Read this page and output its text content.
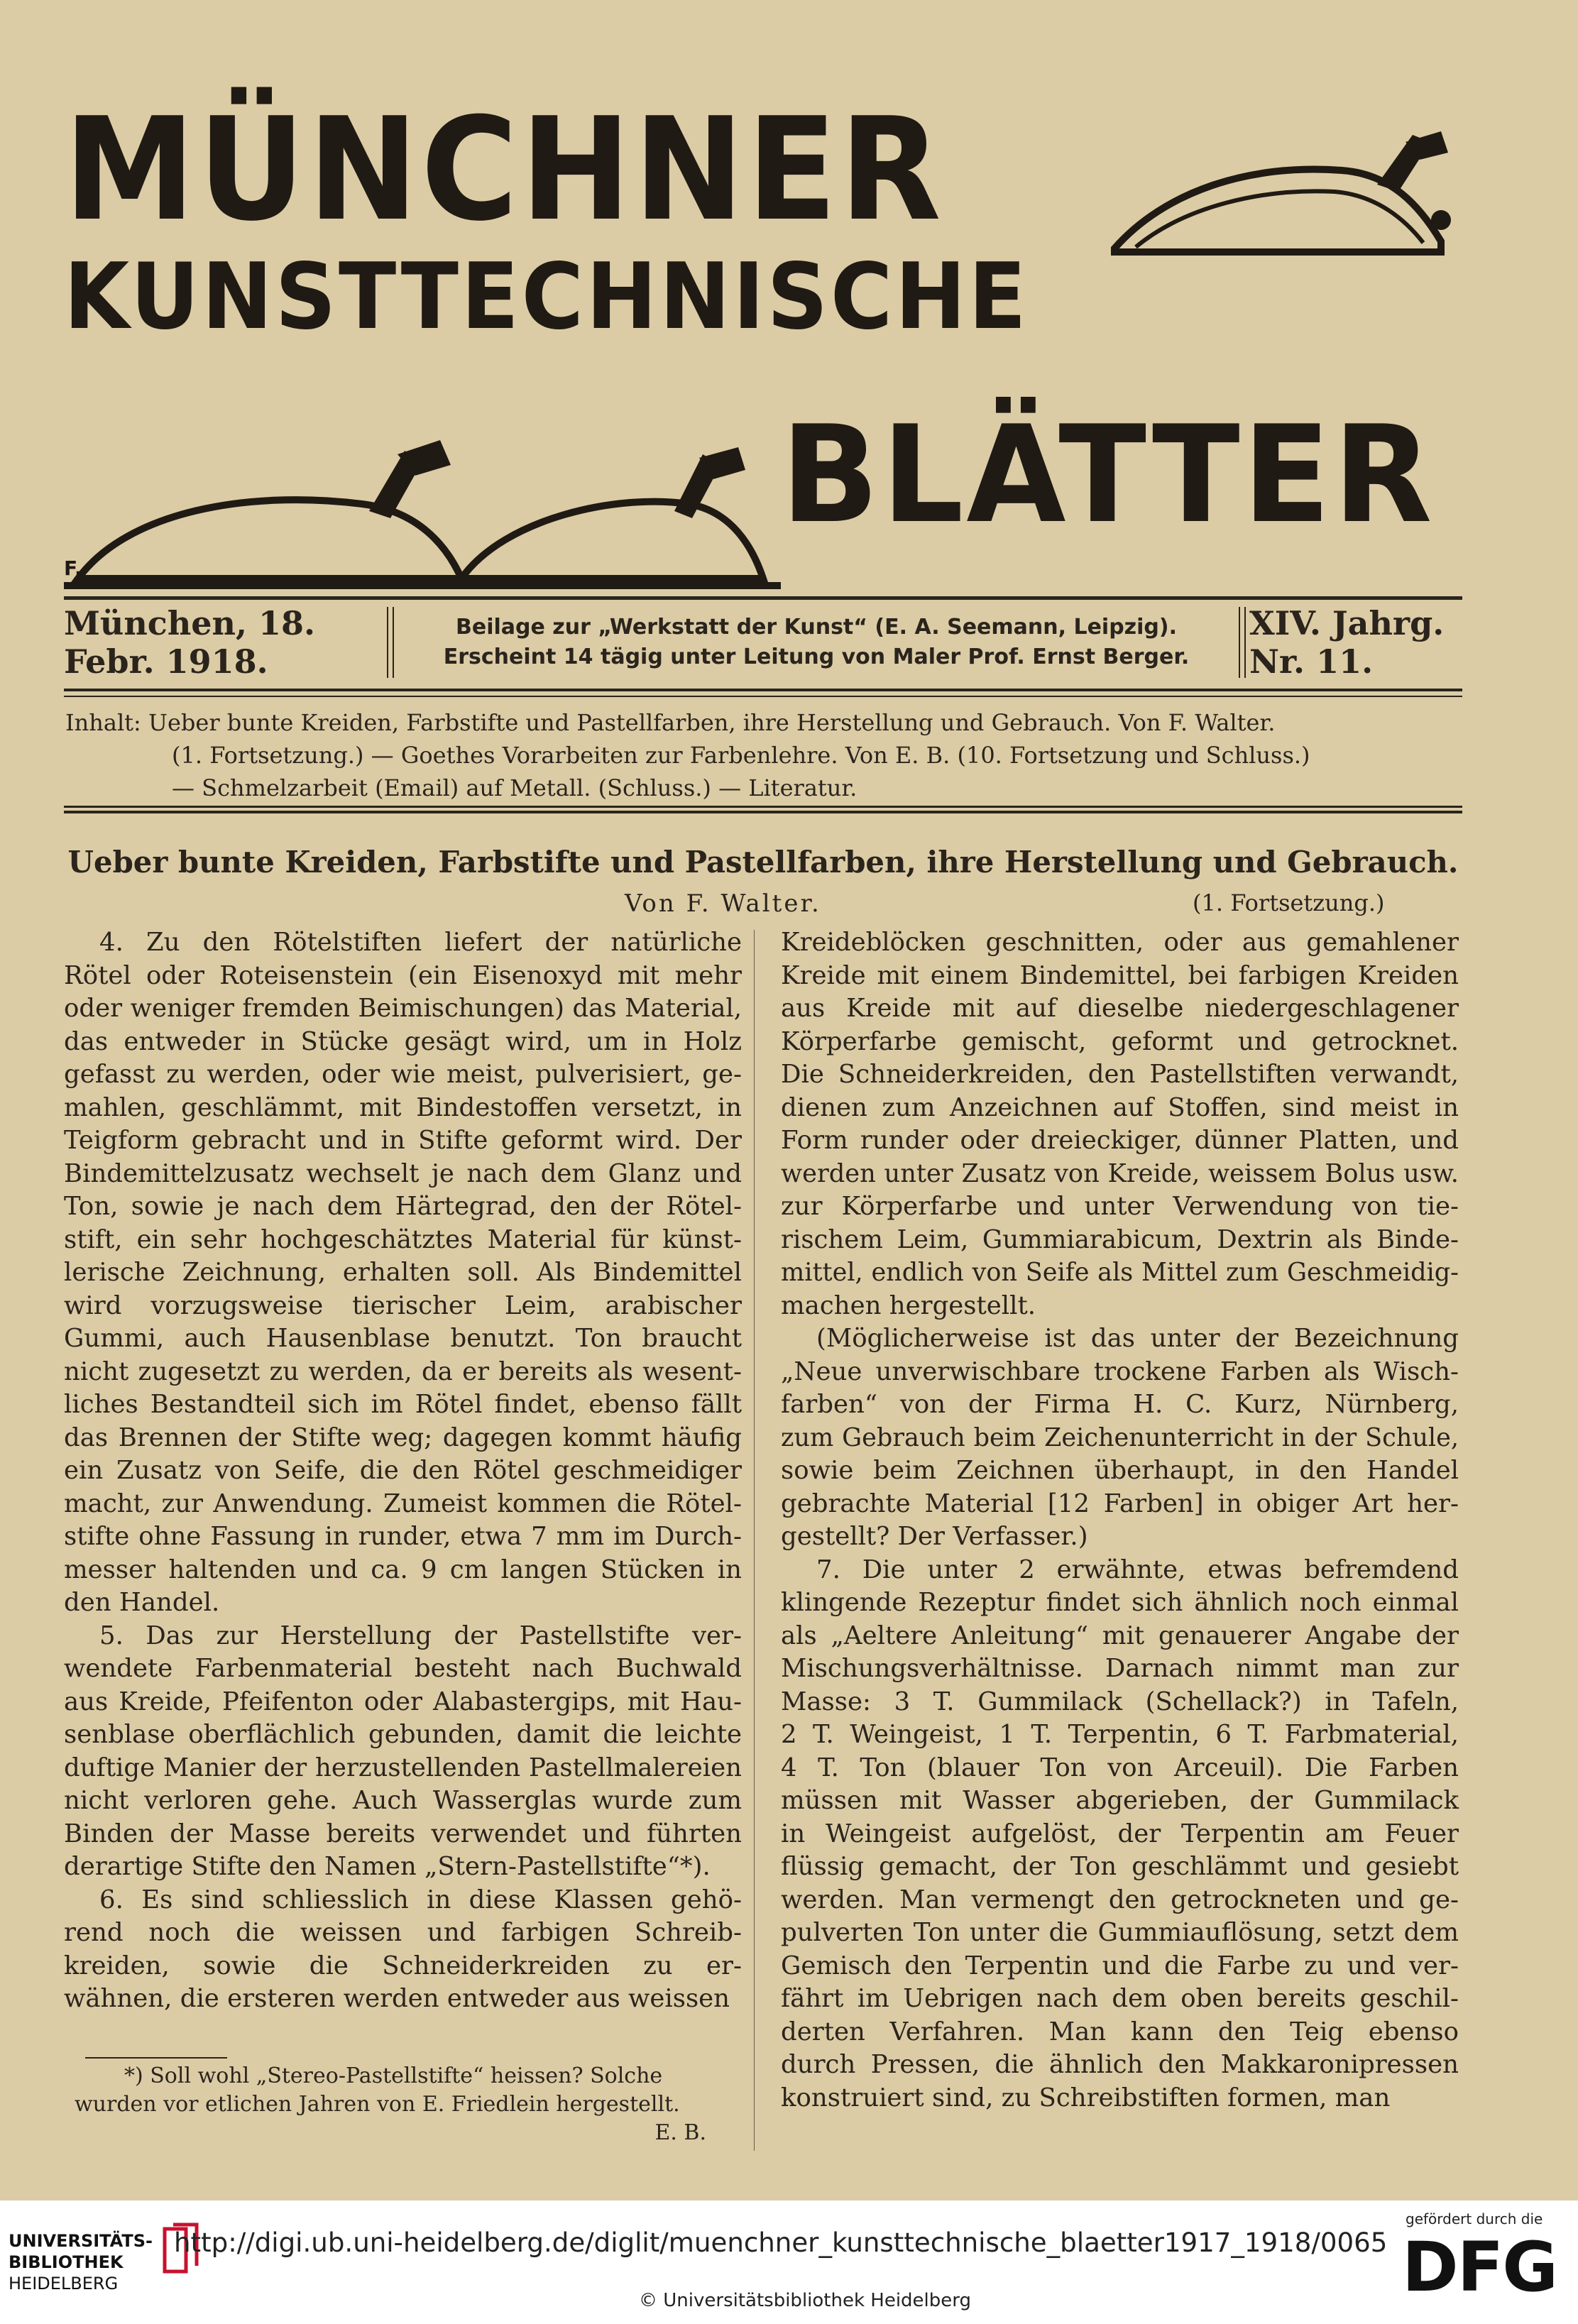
MÜNCHNER
KUNSTTECHNISCHE
BLÄTTER
F.
München, 18. Febr. 1918.
Beilage zur „Werkstatt der Kunst“ (E. A. Seemann, Leipzig).
Erscheint 14 tägig unter Leitung von Maler Prof. Ernst Berger.
XIV. Jahrg. Nr. 11.
Inhalt: Ueber bunte Kreiden, Farbstifte und Pastellfarben, ihre Herstellung und Gebrauch. Von F. Walter.
(1. Fortsetzung.) — Goethes Vorarbeiten zur Farbenlehre. Von E. B. (10. Fortsetzung und Schluss.)
— Schmelzarbeit (Email) auf Metall. (Schluss.) — Literatur.
Ueber bunte Kreiden, Farbstifte und Pastellfarben, ihre Herstellung und Gebrauch.
Von F. Walter.	(1. Fortsetzung.)
4. Zu den Rötelstiften liefert der natürliche
Rötel oder Roteisenstein (ein Eisenoxyd mit mehr
oder weniger fremden Beimischungen) das Material,
das entweder in Stücke gesägt wird, um in Holz
gefasst zu werden, oder wie meist, pulverisiert, ge-
mahlen, geschlämmt, mit Bindestoffen versetzt, in
Teigform gebracht und in Stifte geformt wird. Der
Bindemittelzusatz wechselt je nach dem Glanz und
Ton, sowie je nach dem Härtegrad, den der Rötel-
stift, ein sehr hochgeschätztes Material für künst-
lerische Zeichnung, erhalten soll. Als Bindemittel
wird vorzugsweise tierischer Leim, arabischer
Gummi, auch Hausenblase benutzt. Ton braucht
nicht zugesetzt zu werden, da er bereits als wesent-
liches Bestandteil sich im Rötel findet, ebenso fällt
das Brennen der Stifte weg; dagegen kommt häufig
ein Zusatz von Seife, die den Rötel geschmeidiger
macht, zur Anwendung. Zumeist kommen die Rötel-
stifte ohne Fassung in runder, etwa 7 mm im Durch-
messer haltenden und ca. 9 cm langen Stücken in
den Handel.
5. Das zur Herstellung der Pastellstifte ver-
wendete Farbenmaterial besteht nach Buchwald
aus Kreide, Pfeifenton oder Alabastergips, mit Hau-
senblase oberflächlich gebunden, damit die leichte
duftige Manier der herzustellenden Pastellmalereien
nicht verloren gehe. Auch Wasserglas wurde zum
Binden der Masse bereits verwendet und führten
derartige Stifte den Namen „Stern-Pastellstifte“*).
6. Es sind schliesslich in diese Klassen gehö-
rend noch die weissen und farbigen Schreib-
kreiden, sowie die Schneiderkreiden zu er-
wähnen, die ersteren werden entweder aus weissen
Kreideblöcken geschnitten, oder aus gemahlener
Kreide mit einem Bindemittel, bei farbigen Kreiden
aus Kreide mit auf dieselbe niedergeschlagener
Körperfarbe gemischt, geformt und getrocknet.
Die Schneiderkreiden, den Pastellstiften verwandt,
dienen zum Anzeichnen auf Stoffen, sind meist in
Form runder oder dreieckiger, dünner Platten, und
werden unter Zusatz von Kreide, weissem Bolus usw.
zur Körperfarbe und unter Verwendung von tie-
rischem Leim, Gummiarabicum, Dextrin als Binde-
mittel, endlich von Seife als Mittel zum Geschmeidig-
machen hergestellt.
(Möglicherweise ist das unter der Bezeichnung
„Neue unverwischbare trockene Farben als Wisch-
farben“ von der Firma H. C. Kurz, Nürnberg,
zum Gebrauch beim Zeichenunterricht in der Schule,
sowie beim Zeichnen überhaupt, in den Handel
gebrachte Material [12 Farben] in obiger Art her-
gestellt? Der Verfasser.)
7. Die unter 2 erwähnte, etwas befremdend
klingende Rezeptur findet sich ähnlich noch einmal
als „Aeltere Anleitung“ mit genauerer Angabe der
Mischungsverhältnisse. Darnach nimmt man zur
Masse: 3 T. Gummilack (Schellack?) in Tafeln,
2 T. Weingeist, 1 T. Terpentin, 6 T. Farbmaterial,
4 T. Ton (blauer Ton von Arceuil). Die Farben
müssen mit Wasser abgerieben, der Gummilack
in Weingeist aufgelöst, der Terpentin am Feuer
flüssig gemacht, der Ton geschlämmt und gesiebt
werden. Man vermengt den getrockneten und ge-
pulverten Ton unter die Gummiauflösung, setzt dem
Gemisch den Terpentin und die Farbe zu und ver-
fährt im Uebrigen nach dem oben bereits geschil-
derten Verfahren. Man kann den Teig ebenso
durch Pressen, die ähnlich den Makkaronipressen
konstruiert sind, zu Schreibstiften formen, man
*) Soll wohl „Stereo-Pastellstifte“ heissen? Solche
wurden vor etlichen Jahren von E. Friedlein hergestellt.
E. B.
UNIVERSITÄTS-
BIBLIOTHEK
HEIDELBERG
http://digi.ub.uni-heidelberg.de/diglit/muenchner_kunsttechnische_blaetter1917_1918/0065
© Universitätsbibliothek Heidelberg
gefördert durch die
DFG
